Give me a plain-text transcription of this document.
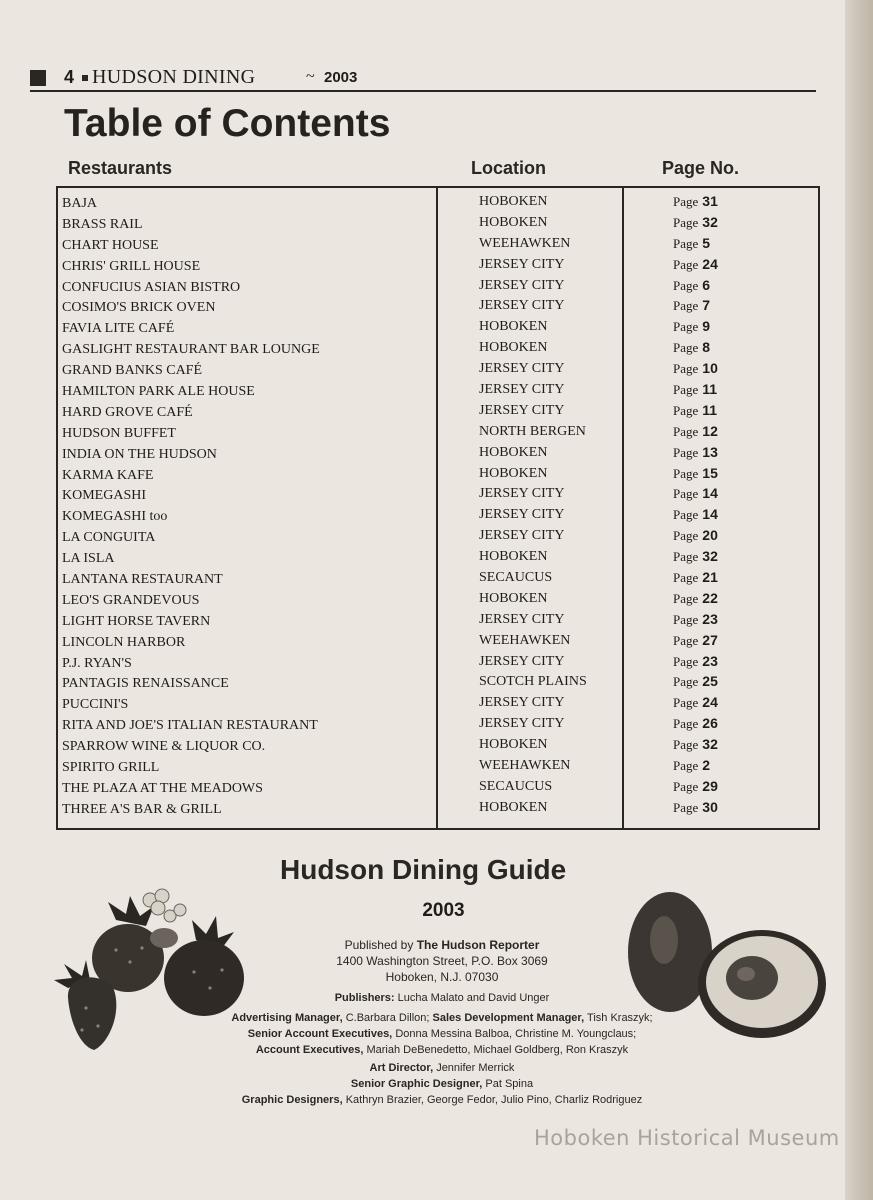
4 HUDSON DINING	~ 2003
Table of Contents
Restaurants	Location	Page No.
BAJA	HOBOKEN	Page 31
BRASS RAIL	HOBOKEN	Page 32
CHART HOUSE	WEEHAWKEN	Page 5
CHRIS' GRILL HOUSE	JERSEY CITY	Page 24
CONFUCIUS ASIAN BISTRO	JERSEY CITY	Page 6
COSIMO'S BRICK OVEN	JERSEY CITY	Page 7
FAVIA LITE CAFÉ	HOBOKEN	Page 9
GASLIGHT RESTAURANT BAR LOUNGE	HOBOKEN	Page 8
GRAND BANKS CAFÉ	JERSEY CITY	Page 10
HAMILTON PARK ALE HOUSE	JERSEY CITY	Page 11
HARD GROVE CAFÉ	JERSEY CITY	Page 11
HUDSON BUFFET	NORTH BERGEN	Page 12
INDIA ON THE HUDSON	HOBOKEN	Page 13
KARMA KAFE	HOBOKEN	Page 15
KOMEGASHI	JERSEY CITY	Page 14
KOMEGASHI too	JERSEY CITY	Page 14
LA CONGUITA	JERSEY CITY	Page 20
LA ISLA	HOBOKEN	Page 32
LANTANA RESTAURANT	SECAUCUS	Page 21
LEO'S GRANDEVOUS	HOBOKEN	Page 22
LIGHT HORSE TAVERN	JERSEY CITY	Page 23
LINCOLN HARBOR	WEEHAWKEN	Page 27
P.J. RYAN'S	JERSEY CITY	Page 23
PANTAGIS RENAISSANCE	SCOTCH PLAINS	Page 25
PUCCINI'S	JERSEY CITY	Page 24
RITA AND JOE'S ITALIAN RESTAURANT	JERSEY CITY	Page 26
SPARROW WINE & LIQUOR CO.	HOBOKEN	Page 32
SPIRITO GRILL	WEEHAWKEN	Page 2
THE PLAZA AT THE MEADOWS	SECAUCUS	Page 29
THREE A'S BAR & GRILL	HOBOKEN	Page 30
Hudson Dining Guide
2003
Published by The Hudson Reporter
1400 Washington Street, P.O. Box 3069
Hoboken, N.J. 07030
Publishers: Lucha Malato and David Unger
Advertising Manager, C.Barbara Dillon; Sales Development Manager, Tish Kraszyk;
Senior Account Executives, Donna Messina Balboa, Christine M. Youngclaus;
Account Executives, Mariah DeBenedetto, Michael Goldberg, Ron Kraszyk
Art Director, Jennifer Merrick
Senior Graphic Designer, Pat Spina
Graphic Designers, Kathryn Brazier, George Fedor, Julio Pino, Charliz Rodriguez
Hoboken Historical Museum
